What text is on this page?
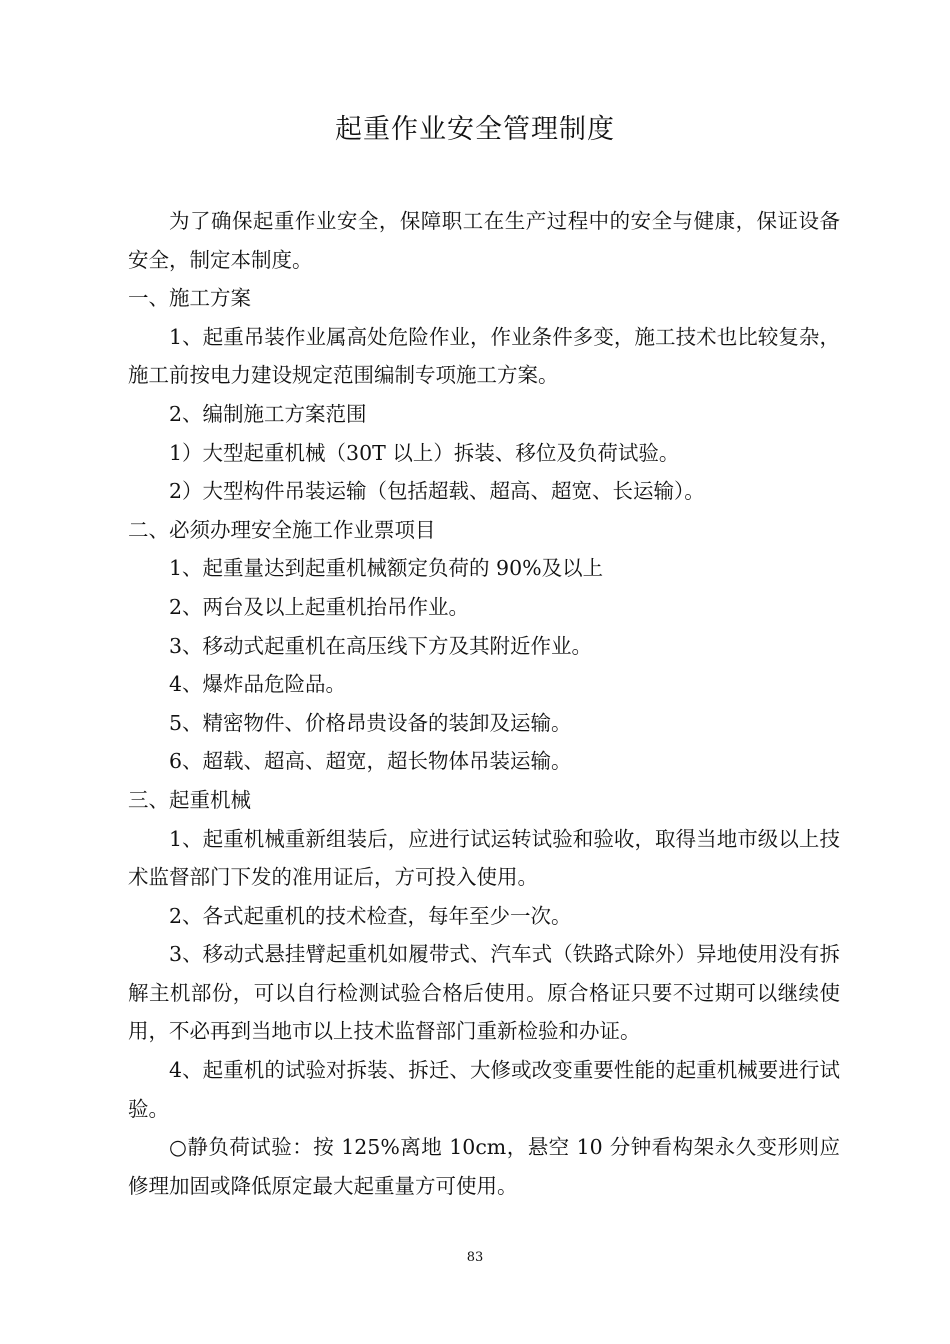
起重作业安全管理制度

为了确保起重作业安全，保障职工在生产过程中的安全与健康，保证设备安全，制定本制度。

一、施工方案

1、起重吊装作业属高处危险作业，作业条件多变，施工技术也比较复杂，施工前按电力建设规定范围编制专项施工方案。

2、编制施工方案范围

1）大型起重机械（30T 以上）拆装、移位及负荷试验。

2）大型构件吊装运输（包括超载、超高、超宽、长运输）。

二、必须办理安全施工作业票项目

1、起重量达到起重机械额定负荷的 90%及以上

2、两台及以上起重机抬吊作业。

3、移动式起重机在高压线下方及其附近作业。

4、爆炸品危险品。

5、精密物件、价格昂贵设备的装卸及运输。

6、超载、超高、超宽，超长物体吊装运输。

三、起重机械

1、起重机械重新组装后，应进行试运转试验和验收，取得当地市级以上技术监督部门下发的准用证后，方可投入使用。

2、各式起重机的技术检查，每年至少一次。

3、移动式悬挂臂起重机如履带式、汽车式（铁路式除外）异地使用没有拆解主机部份，可以自行检测试验合格后使用。原合格证只要不过期可以继续使用，不必再到当地市以上技术监督部门重新检验和办证。

4、起重机的试验对拆装、拆迁、大修或改变重要性能的起重机械要进行试验。

○静负荷试验：按 125%离地 10cm，悬空 10 分钟看构架永久变形则应修理加固或降低原定最大起重量方可使用。

83
